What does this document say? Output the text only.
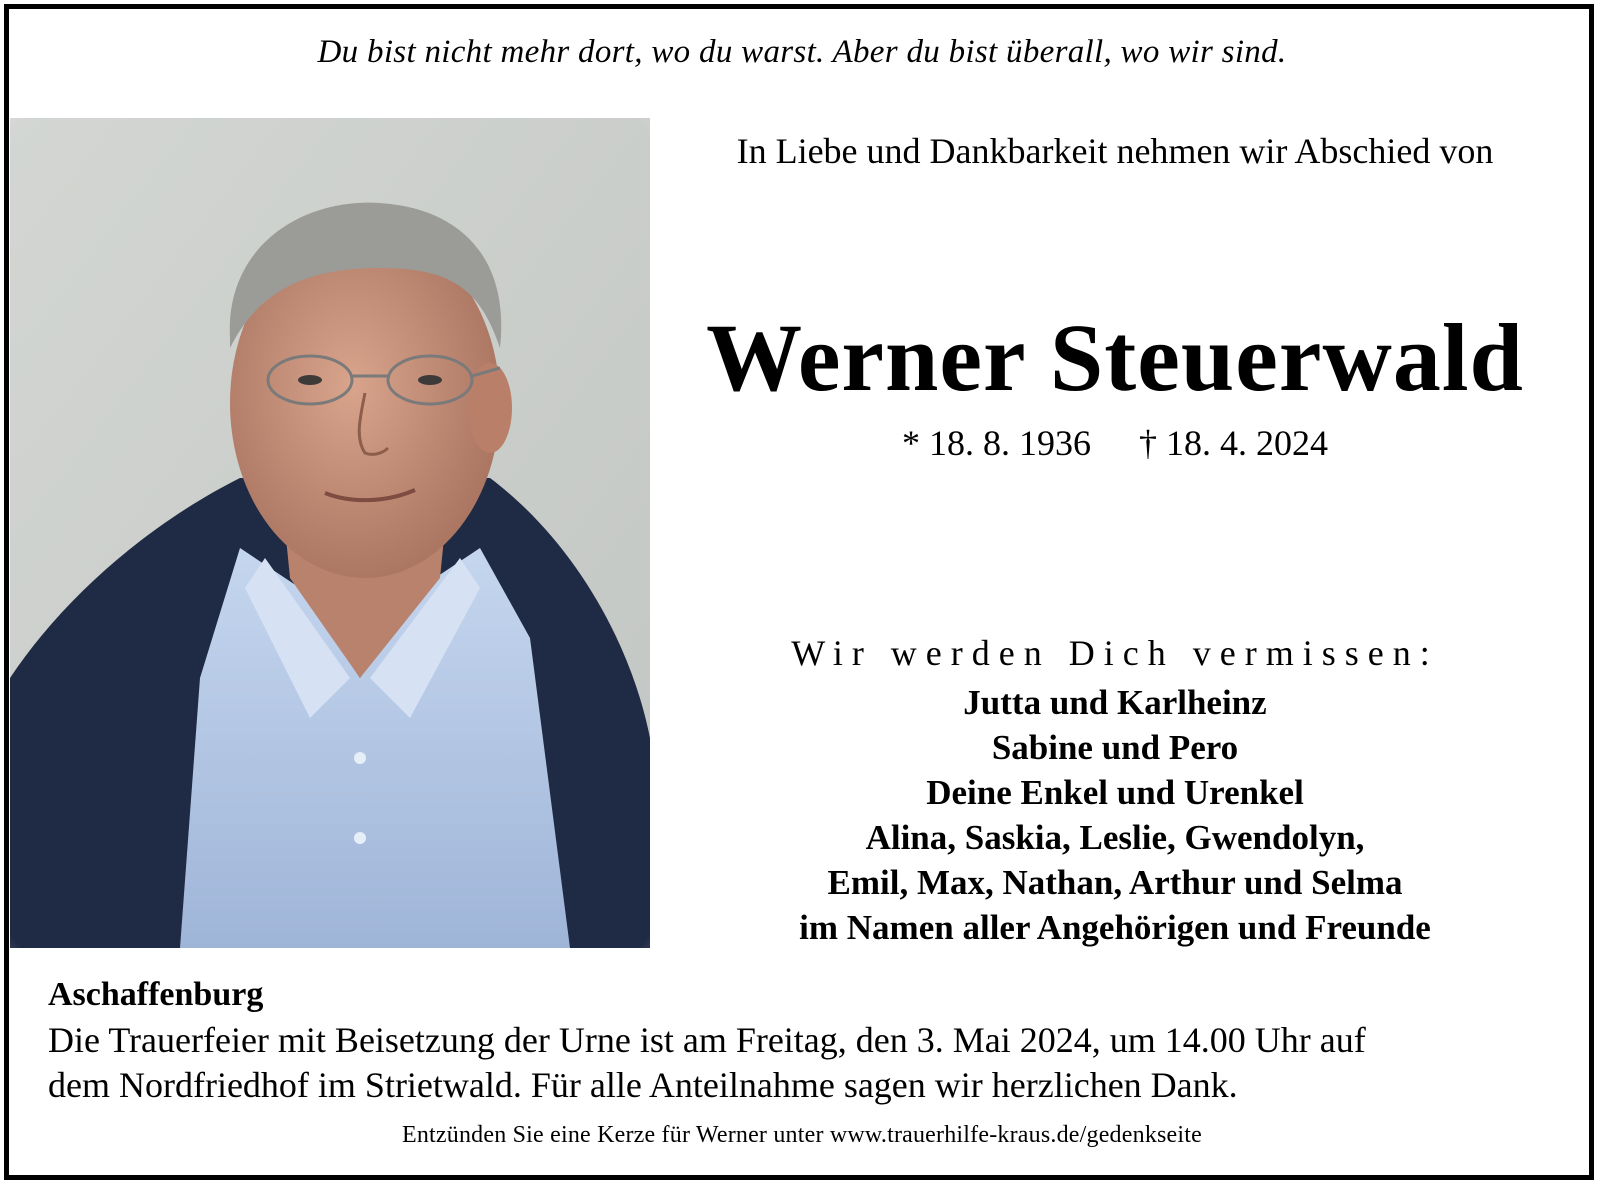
Du bist nicht mehr dort, wo du warst. Aber du bist überall, wo wir sind.
In Liebe und Dankbarkeit nehmen wir Abschied von
Werner Steuerwald
* 18. 8. 1936 † 18. 4. 2024
Wir werden Dich vermissen:
Jutta und Karlheinz
Sabine und Pero
Deine Enkel und Urenkel
Alina, Saskia, Leslie, Gwendolyn,
Emil, Max, Nathan, Arthur und Selma
im Namen aller Angehörigen und Freunde
Aschaffenburg
Die Trauerfeier mit Beisetzung der Urne ist am Freitag, den 3. Mai 2024, um 14.00 Uhr auf
dem Nordfriedhof im Strietwald. Für alle Anteilnahme sagen wir herzlichen Dank.
Entzünden Sie eine Kerze für Werner unter www.trauerhilfe-kraus.de/gedenkseite
